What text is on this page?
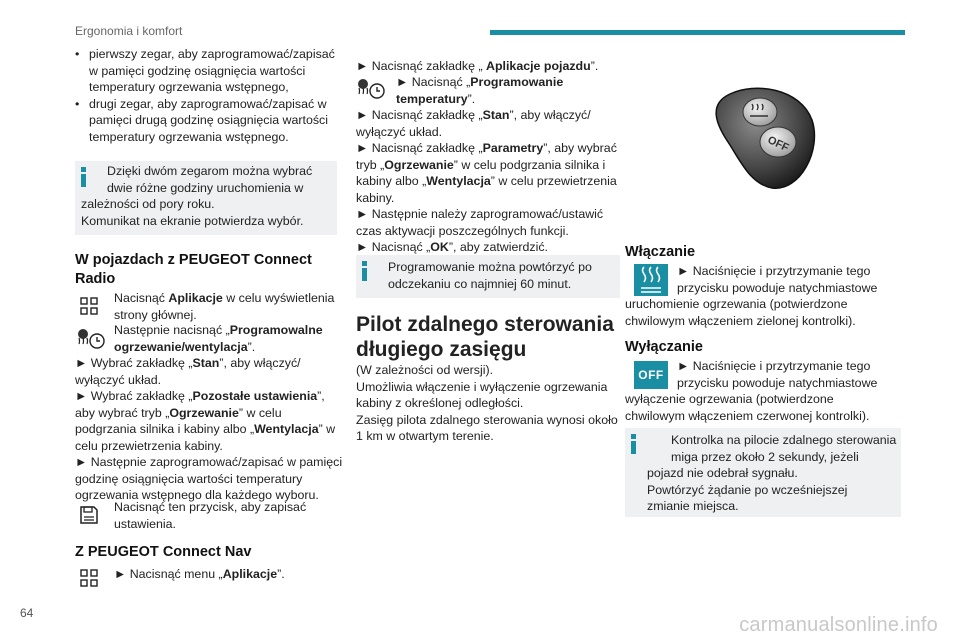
Ergonomia i komfort
• pierwszy zegar, aby zaprogramować/zapisać w pamięci godzinę osiągnięcia wartości temperatury ogrzewania wstępnego,
• drugi zegar, aby zaprogramować/zapisać w pamięci drugą godzinę osiągnięcia wartości temperatury ogrzewania wstępnego.

Dzięki dwóm zegarom można wybrać

dwie różne godziny uruchomienia w

zależności od pory roku.

Komunikat na ekranie potwierdza wybór.

W pojazdach z PEUGEOT Connect Radio
Nacisnąć Aplikacje w celu wyświetlenia strony głównej.
Następnie nacisnąć „Programowalne ogrzewanie/wentylacja”.
► Wybrać zakładkę „Stan”, aby włączyć/ wyłączyć układ.
► Wybrać zakładkę „Pozostałe ustawienia”, aby wybrać tryb „Ogrzewanie” w celu podgrzania silnika i kabiny albo „Wentylacja” w celu przewietrzenia kabiny.
► Następnie zaprogramować/zapisać w pamięci godzinę osiągnięcia wartości temperatury ogrzewania wstępnego dla każdego wyboru.
Nacisnąć ten przycisk, aby zapisać ustawienia.
Z PEUGEOT Connect Nav
► Nacisnąć menu „Aplikacje”.
► Nacisnąć zakładkę „ Aplikacje pojazdu”.
► Nacisnąć „Programowanie temperatury”.
► Nacisnąć zakładkę „Stan”, aby włączyć/ wyłączyć układ.
► Nacisnąć zakładkę „Parametry”, aby wybrać tryb „Ogrzewanie” w celu podgrzania silnika i kabiny albo „Wentylacja” w celu przewietrzenia kabiny.
► Następnie należy zaprogramować/ustawić czas aktywacji poszczególnych funkcji.
► Nacisnąć „OK”, aby zatwierdzić.

Programowanie można powtórzyć po

odczekaniu co najmniej 60 minut.

Pilot zdalnego sterowania długiego zasięgu
(W zależności od wersji).
Umożliwia włączenie i wyłączenie ogrzewania kabiny z określonej odległości.
Zasięg pilota zdalnego sterowania wynosi około 1 km w otwartym terenie.
OFF
Włączanie
► Naciśnięcie i przytrzymanie tego
przycisku powoduje natychmiastowe
uruchomienie ogrzewania (potwierdzone chwilowym włączeniem zielonej kontrolki).
Wyłączanie
OFF
► Naciśnięcie i przytrzymanie tego
przycisku powoduje natychmiastowe
wyłączenie ogrzewania (potwierdzone chwilowym włączeniem czerwonej kontrolki).

Kontrolka na pilocie zdalnego sterowania

miga przez około 2 sekundy, jeżeli

pojazd nie odebrał sygnału.

Powtórzyć żądanie po wcześniejszej zmianie miejsca.

64
carmanualsonline.info
